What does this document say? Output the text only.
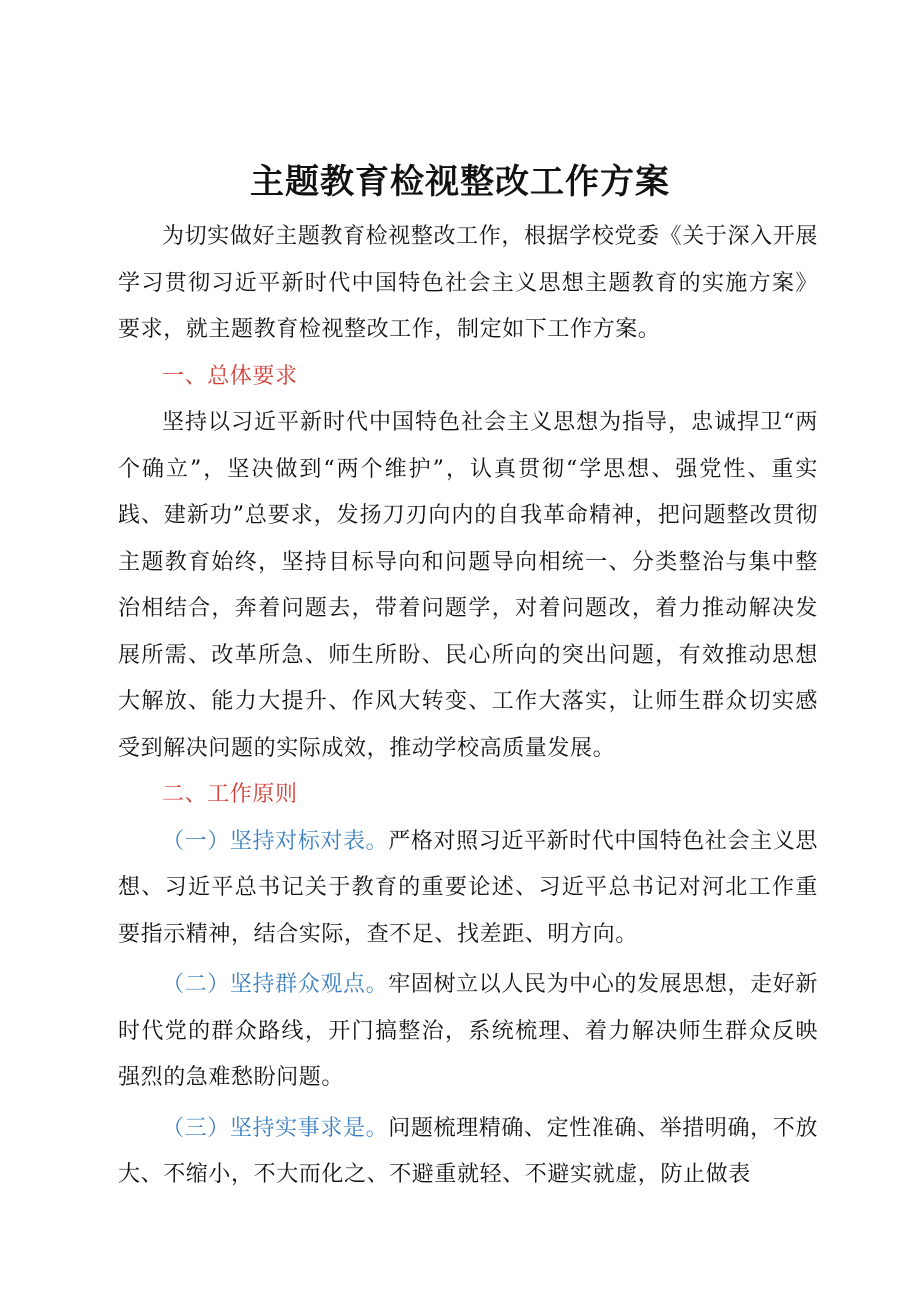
主题教育检视整改工作方案

为切实做好主题教育检视整改工作，根据学校党委《关于深入开展学习贯彻习近平新时代中国特色社会主义思想主题教育的实施方案》要求，就主题教育检视整改工作，制定如下工作方案。

一、总体要求

坚持以习近平新时代中国特色社会主义思想为指导，忠诚捍卫“两个确立”，坚决做到“两个维护”，认真贯彻“学思想、强党性、重实践、建新功”总要求，发扬刀刃向内的自我革命精神，把问题整改贯彻主题教育始终，坚持目标导向和问题导向相统一、分类整治与集中整治相结合，奔着问题去，带着问题学，对着问题改，着力推动解决发展所需、改革所急、师生所盼、民心所向的突出问题，有效推动思想大解放、能力大提升、作风大转变、工作大落实，让师生群众切实感受到解决问题的实际成效，推动学校高质量发展。

二、工作原则

（一）坚持对标对表。严格对照习近平新时代中国特色社会主义思想、习近平总书记关于教育的重要论述、习近平总书记对河北工作重要指示精神，结合实际，查不足、找差距、明方向。

（二）坚持群众观点。牢固树立以人民为中心的发展思想，走好新时代党的群众路线，开门搞整治，系统梳理、着力解决师生群众反映强烈的急难愁盼问题。

（三）坚持实事求是。问题梳理精确、定性准确、举措明确，不放大、不缩小，不大而化之、不避重就轻、不避实就虚，防止做表
